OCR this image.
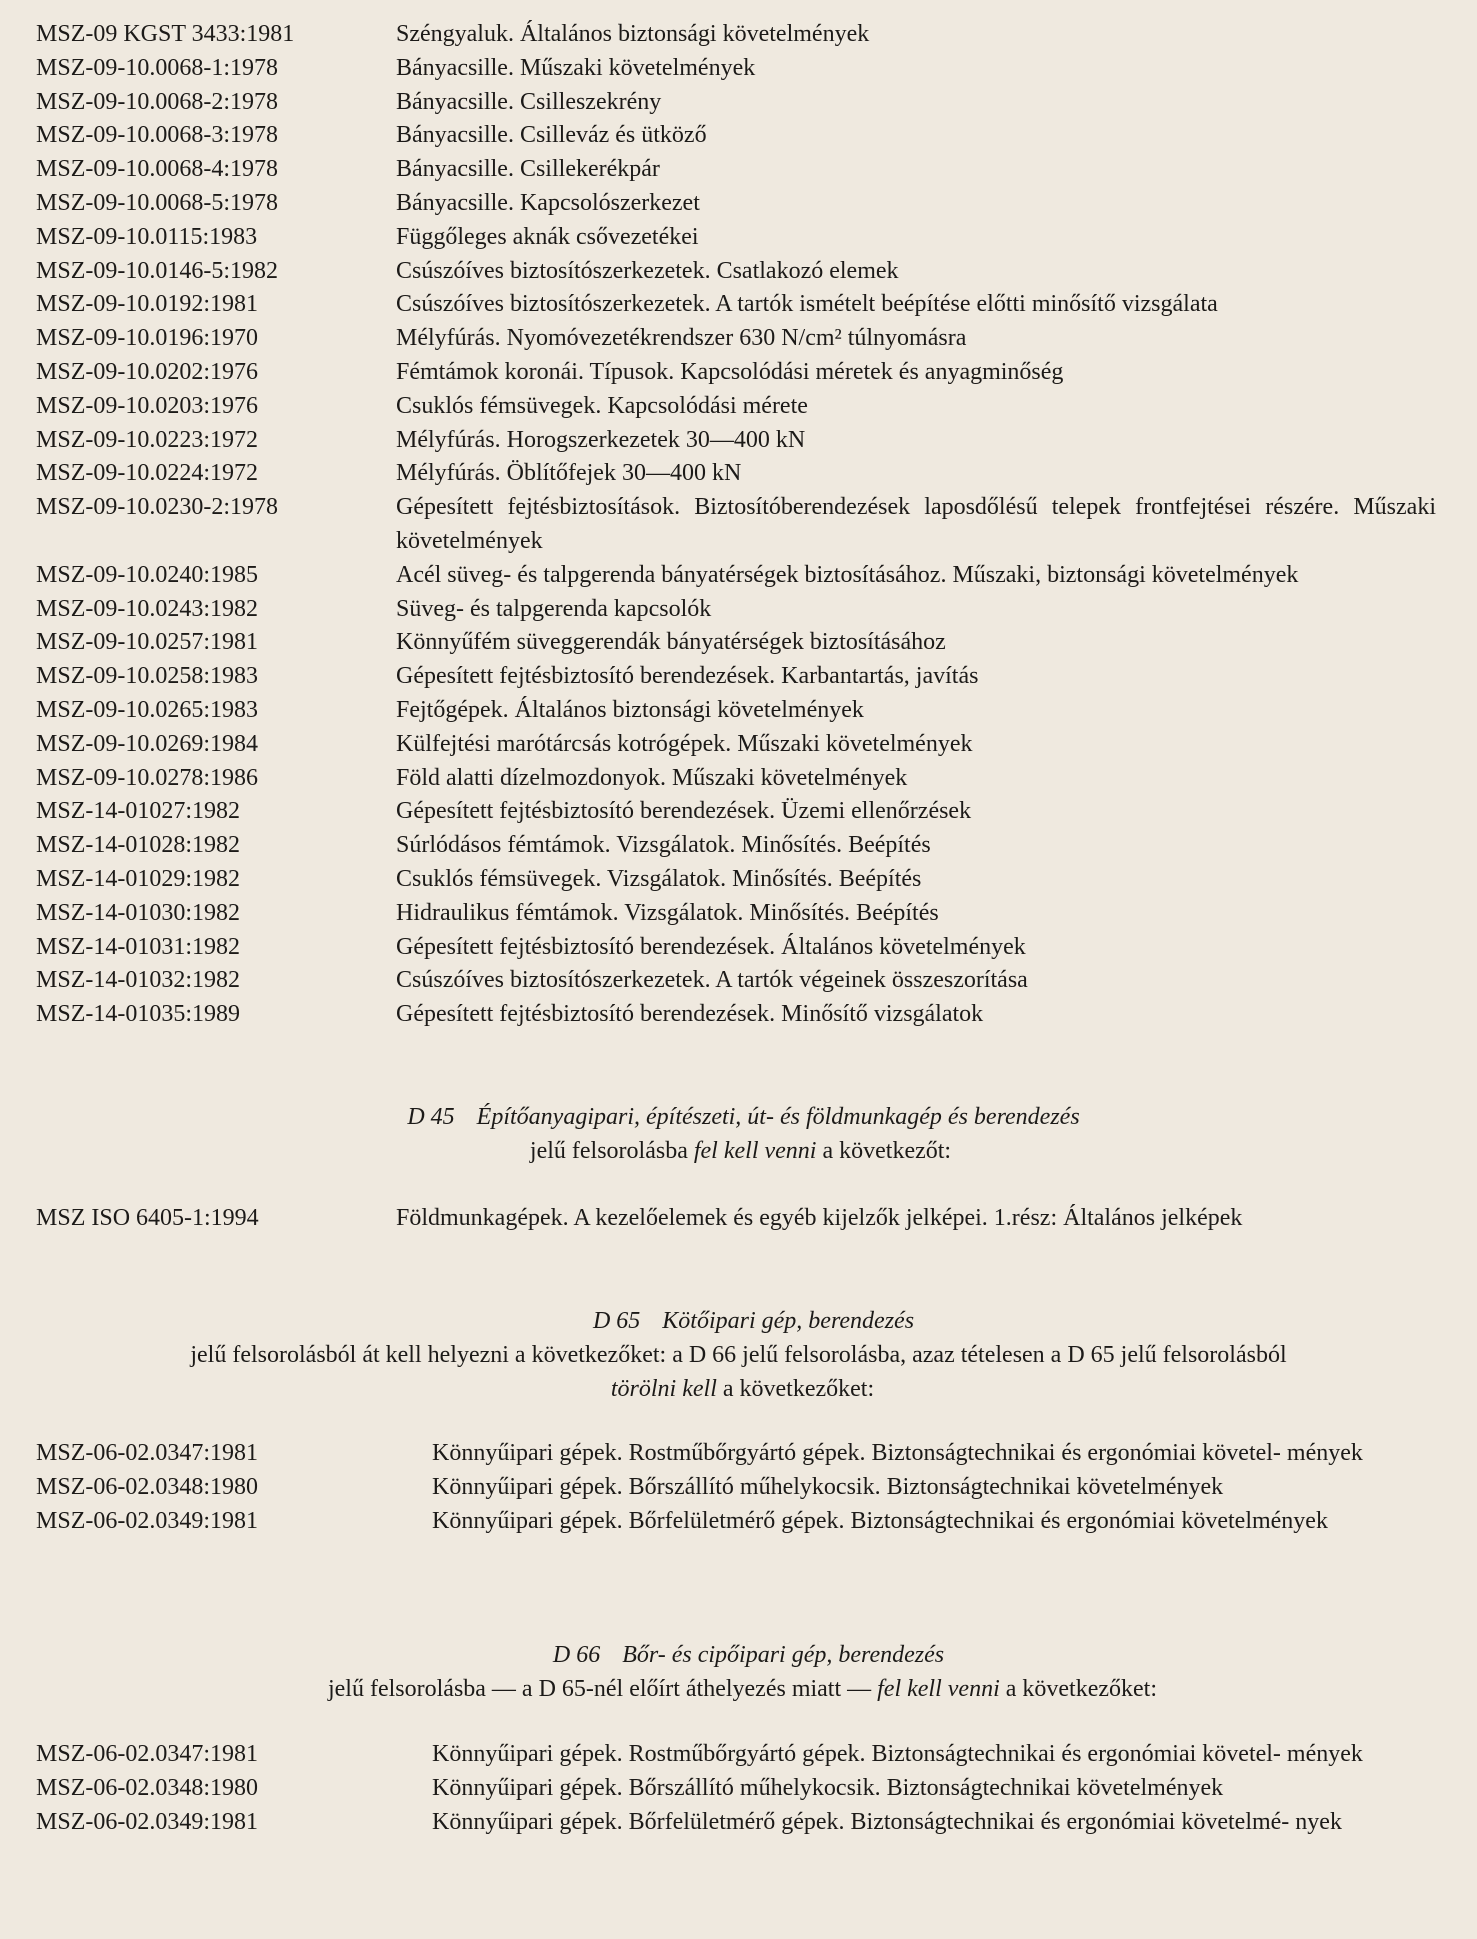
MSZ-09 KGST 3433:1981	Széngyaluk. Általános biztonsági követelmények
MSZ-09-10.0068-1:1978	Bányacsille. Műszaki követelmények
MSZ-09-10.0068-2:1978	Bányacsille. Csilleszekrény
MSZ-09-10.0068-3:1978	Bányacsille. Csilleváz és ütköző
MSZ-09-10.0068-4:1978	Bányacsille. Csillekerékpár
MSZ-09-10.0068-5:1978	Bányacsille. Kapcsolószerkezet
MSZ-09-10.0115:1983	Függőleges aknák csővezetékei
MSZ-09-10.0146-5:1982	Csúszóíves biztosítószerkezetek. Csatlakozó elemek
MSZ-09-10.0192:1981	Csúszóíves biztosítószerkezetek. A tartók ismételt beépítése előtti minősítő vizsgálata
MSZ-09-10.0196:1970	Mélyfúrás. Nyomóvezetékrendszer 630 N/cm² túlnyomásra
MSZ-09-10.0202:1976	Fémtámok koronái. Típusok. Kapcsolódási méretek és anyagminőség
MSZ-09-10.0203:1976	Csuklós fémsüvegek. Kapcsolódási mérete
MSZ-09-10.0223:1972	Mélyfúrás. Horogszerkezetek 30—400 kN
MSZ-09-10.0224:1972	Mélyfúrás. Öblítőfejek 30—400 kN
MSZ-09-10.0230-2:1978	Gépesített fejtésbiztosítások. Biztosítóberendezések laposdőlésű telepek frontfejtései részére. Műszaki követelmények
MSZ-09-10.0240:1985	Acél süveg- és talpgerenda bányatérségek biztosításához. Műszaki, biztonsági követelmények
MSZ-09-10.0243:1982	Süveg- és talpgerenda kapcsolók
MSZ-09-10.0257:1981	Könnyűfém süveggerendák bányatérségek biztosításához
MSZ-09-10.0258:1983	Gépesített fejtésbiztosító berendezések. Karbantartás, javítás
MSZ-09-10.0265:1983	Fejtőgépek. Általános biztonsági követelmények
MSZ-09-10.0269:1984	Külfejtési marótárcsás kotrógépek. Műszaki követelmények
MSZ-09-10.0278:1986	Föld alatti dízelmozdonyok. Műszaki követelmények
MSZ-14-01027:1982	Gépesített fejtésbiztosító berendezések. Üzemi ellenőrzések
MSZ-14-01028:1982	Súrlódásos fémtámok. Vizsgálatok. Minősítés. Beépítés
MSZ-14-01029:1982	Csuklós fémsüvegek. Vizsgálatok. Minősítés. Beépítés
MSZ-14-01030:1982	Hidraulikus fémtámok. Vizsgálatok. Minősítés. Beépítés
MSZ-14-01031:1982	Gépesített fejtésbiztosító berendezések. Általános követelmények
MSZ-14-01032:1982	Csúszóíves biztosítószerkezetek. A tartók végeinek összeszorítása
MSZ-14-01035:1989	Gépesített fejtésbiztosító berendezések. Minősítő vizsgálatok
D 45 Építőanyagipari, építészeti, út- és földmunkagép és berendezés
jelű felsorolásba fel kell venni a következőt:
MSZ ISO 6405-1:1994	Földmunkagépek. A kezelőelemek és egyéb kijelzők jelképei. 1.rész: Általános jelképek
D 65 Kötőipari gép, berendezés
jelű felsorolásból át kell helyezni a következőket: a D 66 jelű felsorolásba, azaz tételesen a D 65 jelű felsorolásból
törölni kell a következőket:
MSZ-06-02.0347:1981	Könnyűipari gépek. Rostműbőrgyártó gépek. Biztonságtechnikai és ergonómiai követel- mények
MSZ-06-02.0348:1980	Könnyűipari gépek. Bőrszállító műhelykocsik. Biztonságtechnikai követelmények
MSZ-06-02.0349:1981	Könnyűipari gépek. Bőrfelületmérő gépek. Biztonságtechnikai és ergonómiai követelmények
D 66 Bőr- és cipőipari gép, berendezés
jelű felsorolásba — a D 65-nél előírt áthelyezés miatt — fel kell venni a következőket:
MSZ-06-02.0347:1981	Könnyűipari gépek. Rostműbőrgyártó gépek. Biztonságtechnikai és ergonómiai követel- mények
MSZ-06-02.0348:1980	Könnyűipari gépek. Bőrszállító műhelykocsik. Biztonságtechnikai követelmények
MSZ-06-02.0349:1981	Könnyűipari gépek. Bőrfelületmérő gépek. Biztonságtechnikai és ergonómiai követelmé- nyek
